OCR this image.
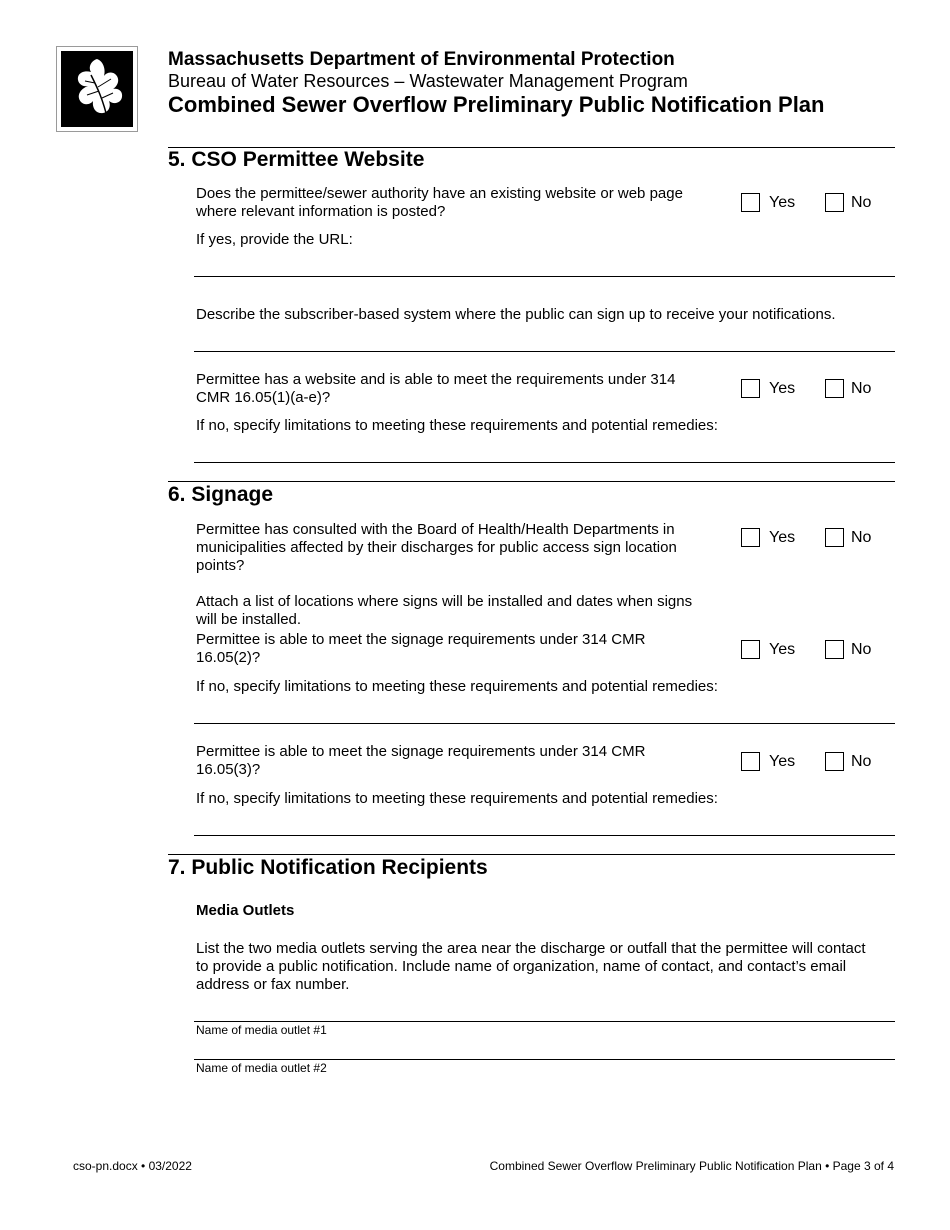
Massachusetts Department of Environmental Protection
Bureau of Water Resources – Wastewater Management Program
Combined Sewer Overflow Preliminary Public Notification Plan
5. CSO Permittee Website
Does the permittee/sewer authority have an existing website or web page
where relevant information is posted?
Yes	No
If yes, provide the URL:
Describe the subscriber-based system where the public can sign up to receive your notifications.
Permittee has a website and is able to meet the requirements under 314
CMR 16.05(1)(a-e)?
Yes	No
If no, specify limitations to meeting these requirements and potential remedies:
6. Signage
Permittee has consulted with the Board of Health/Health Departments in
municipalities affected by their discharges for public access sign location
points?
Yes	No
Attach a list of locations where signs will be installed and dates when signs
will be installed.
Permittee is able to meet the signage requirements under 314 CMR
16.05(2)?	Yes	No
If no, specify limitations to meeting these requirements and potential remedies:
Permittee is able to meet the signage requirements under 314 CMR
16.05(3)?	Yes	No
If no, specify limitations to meeting these requirements and potential remedies:
7. Public Notification Recipients
Media Outlets
List the two media outlets serving the area near the discharge or outfall that the permittee will contact
to provide a public notification. Include name of organization, name of contact, and contact’s email
address or fax number.
Name of media outlet #1
Name of media outlet #2
cso-pn.docx • 03/2022	Combined Sewer Overflow Preliminary Public Notification Plan • Page 3 of 4
